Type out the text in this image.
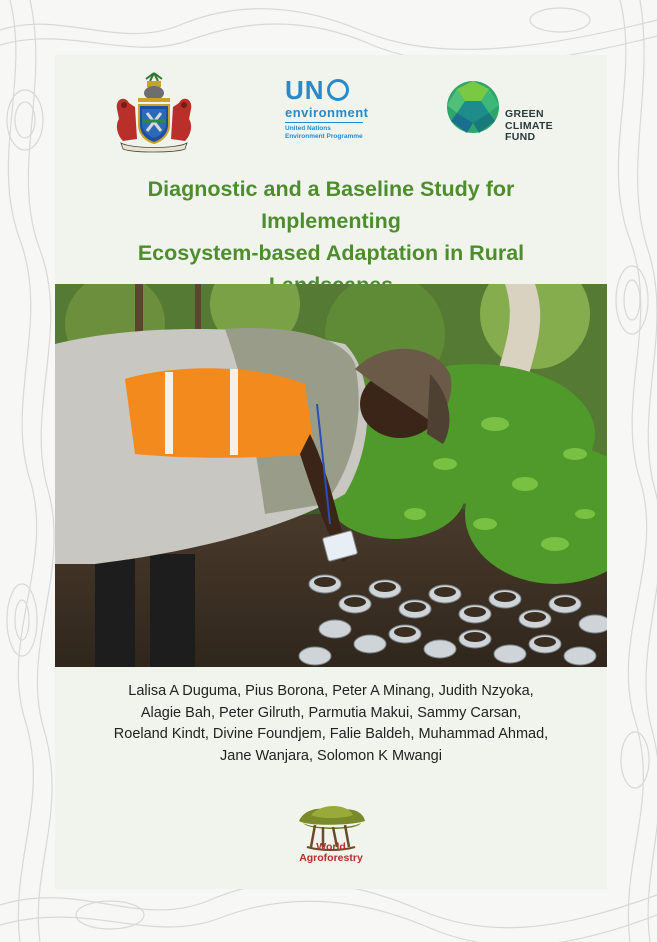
UN
environment
United Nations
Environment Programme
GREEN
CLIMATE
FUND
Diagnostic and a Baseline Study for Implementing
Ecosystem-based Adaptation in Rural
Lalisa A Duguma, Pius Borona, Peter A Minang, Judith Nzyoka,
Alagie Bah, Peter Gilruth, Parmutia Makui, Sammy Carsan,
Roeland Kindt, Divine Foundjem, Falie Baldeh, Muhammad Ahmad,
Jane Wanjara, Solomon K Mwangi
World
Agroforestry
